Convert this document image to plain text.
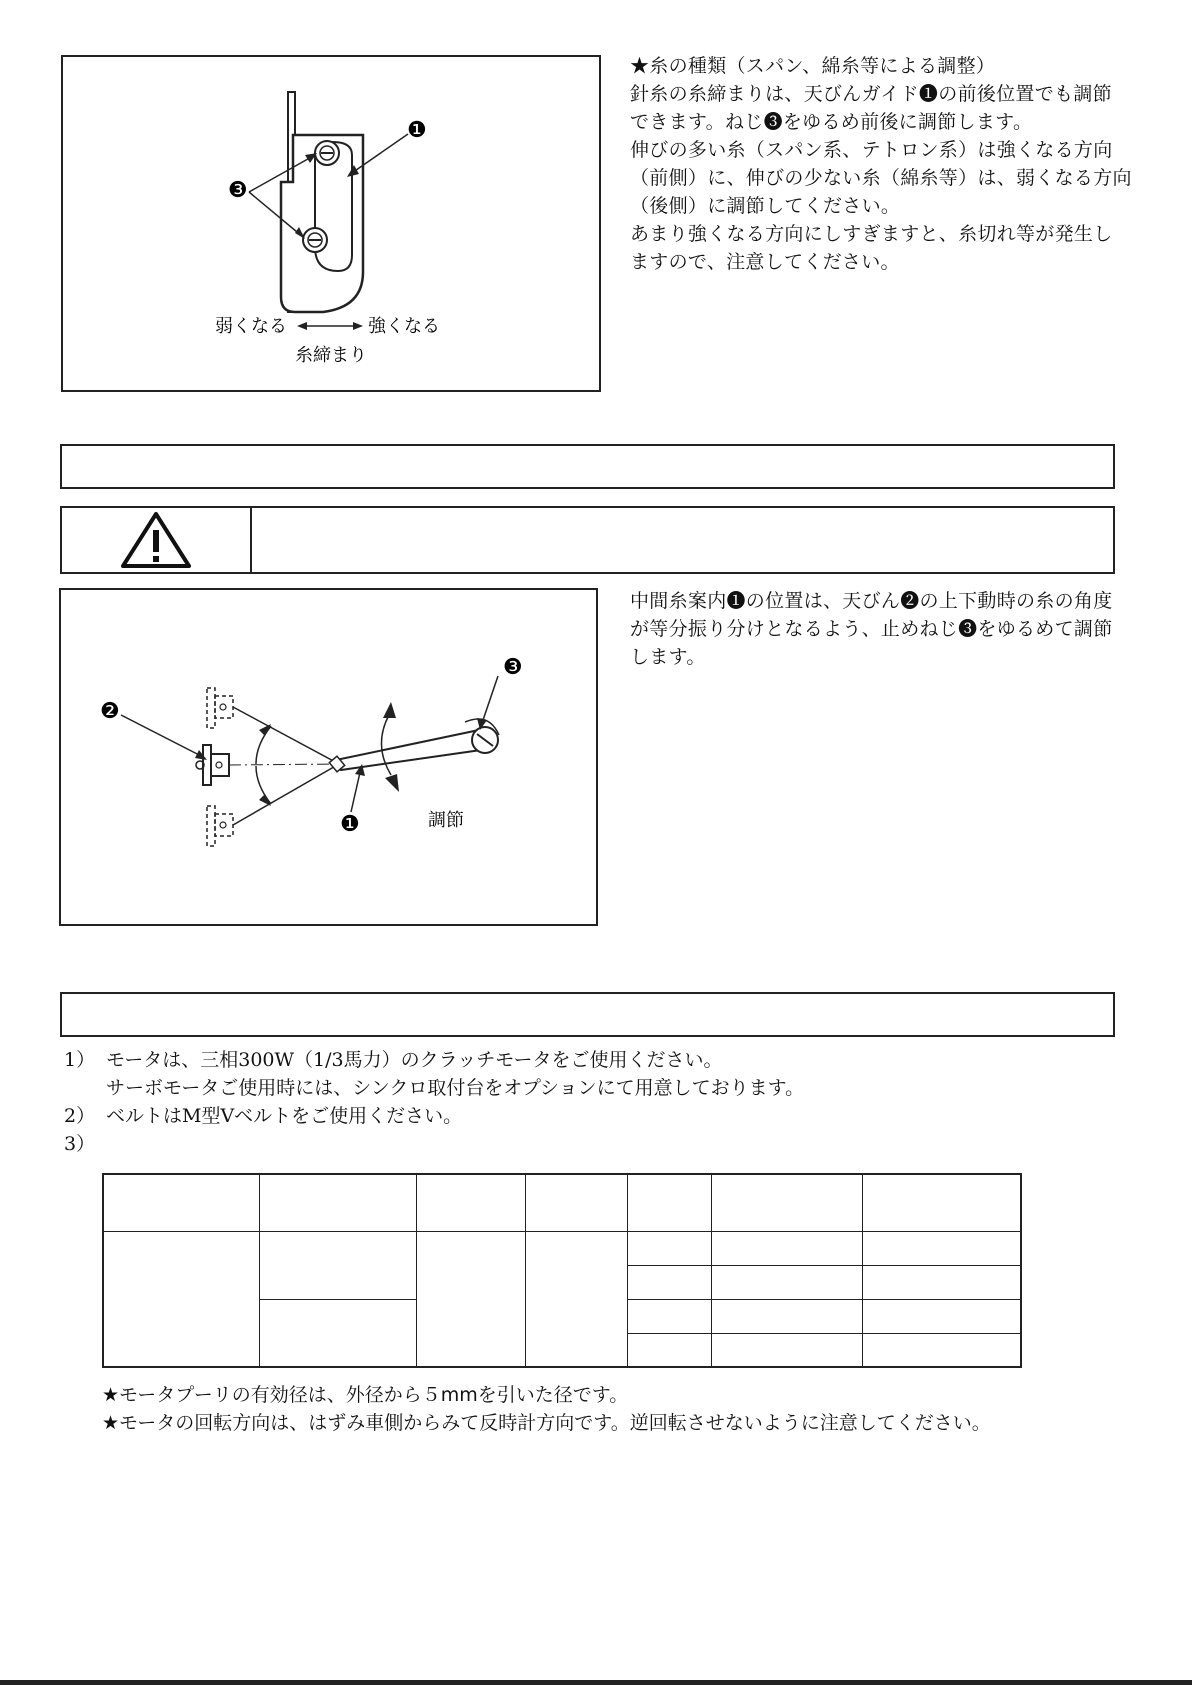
❶
❸
弱くなる	強くなる
糸締まり
★糸の種類（スパン、綿糸等による調整）
針糸の糸締まりは、天びんガイド❶の前後位置でも調節
できます。ねじ❸をゆるめ前後に調節します。
伸びの多い糸（スパン系、テトロン系）は強くなる方向
（前側）に、伸びの少ない糸（綿糸等）は、弱くなる方向
（後側）に調節してください。
あまり強くなる方向にしすぎますと、糸切れ等が発生し
ますので、注意してください。
❷
❸
❶	調節
中間糸案内❶の位置は、天びん❷の上下動時の糸の角度
が等分振り分けとなるよう、止めねじ❸をゆるめて調節
します。
1） モータは、三相300W（1/3馬力）のクラッチモータをご使用ください。
サーボモータご使用時には、シンクロ取付台をオプションにて用意しております。
2） ベルトはM型Vベルトをご使用ください。
3）

★モータプーリの有効径は、外径から５mmを引いた径です。
★モータの回転方向は、はずみ車側からみて反時計方向です。逆回転させないように注意してください。
